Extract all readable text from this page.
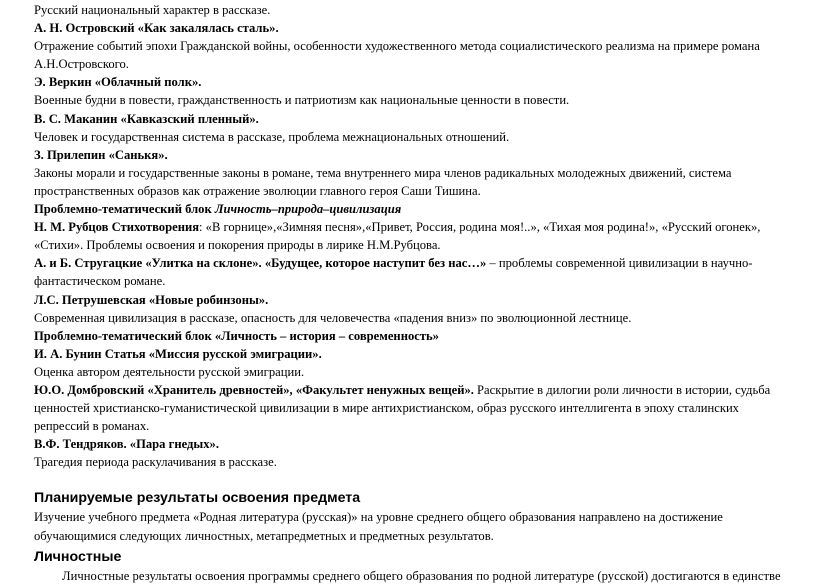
Русский национальный характер в рассказе.
А. Н. Островский «Как закалялась сталь».
Отражение событий эпохи Гражданской войны, особенности художественного метода социалистического реализма на примере романа
А.Н.Островского.
Э. Веркин «Облачный полк».
Военные будни в повести, гражданственность и патриотизм как национальные ценности в повести.
В. С. Маканин «Кавказский пленный».
Человек и государственная система в рассказе, проблема межнациональных отношений.
З. Прилепин «Санькя».
Законы морали и государственные законы в романе, тема внутреннего мира членов радикальных молодежных движений, система
пространственных образов как отражение эволюции главного героя Саши Тишина.
Проблемно-тематический блок Личность–природа–цивилизация
Н. М. Рубцов Стихотворения: «В горнице»,«Зимняя песня»,«Привет, Россия, родина моя!..», «Тихая моя родина!», «Русский огонек»,
«Стихи». Проблемы освоения и покорения природы в лирике Н.М.Рубцова.
А. и Б. Стругацкие «Улитка на склоне». «Будущее, которое наступит без нас…» – проблемы современной цивилизации в научно-
фантастическом романе.
Л.С. Петрушевская «Новые робинзоны».
Современная цивилизация в рассказе, опасность для человечества «падения вниз» по эволюционной лестнице.
Проблемно-тематический блок «Личность – история – современность»
И. А. Бунин Статья «Миссия русской эмиграции».
Оценка автором деятельности русской эмиграции.
Ю.О. Домбровский «Хранитель древностей», «Факультет ненужных вещей». Раскрытие в дилогии роли личности в истории, судьба
ценностей христианско-гуманистической цивилизации в мире антихристианском, образ русского интеллигента в эпоху сталинских
репрессий в романах.
В.Ф. Тендряков. «Пара гнедых».
Трагедия периода раскулачивания в рассказе.
Планируемые результаты освоения предмета
Изучение учебного предмета «Родная литература (русская)» на уровне среднего общего образования направлено на достижение
обучающимися следующих личностных, метапредметных и предметных результатов.
Личностные
Личностные результаты освоения программы среднего общего образования по родной литературе (русской) достигаются в единстве
